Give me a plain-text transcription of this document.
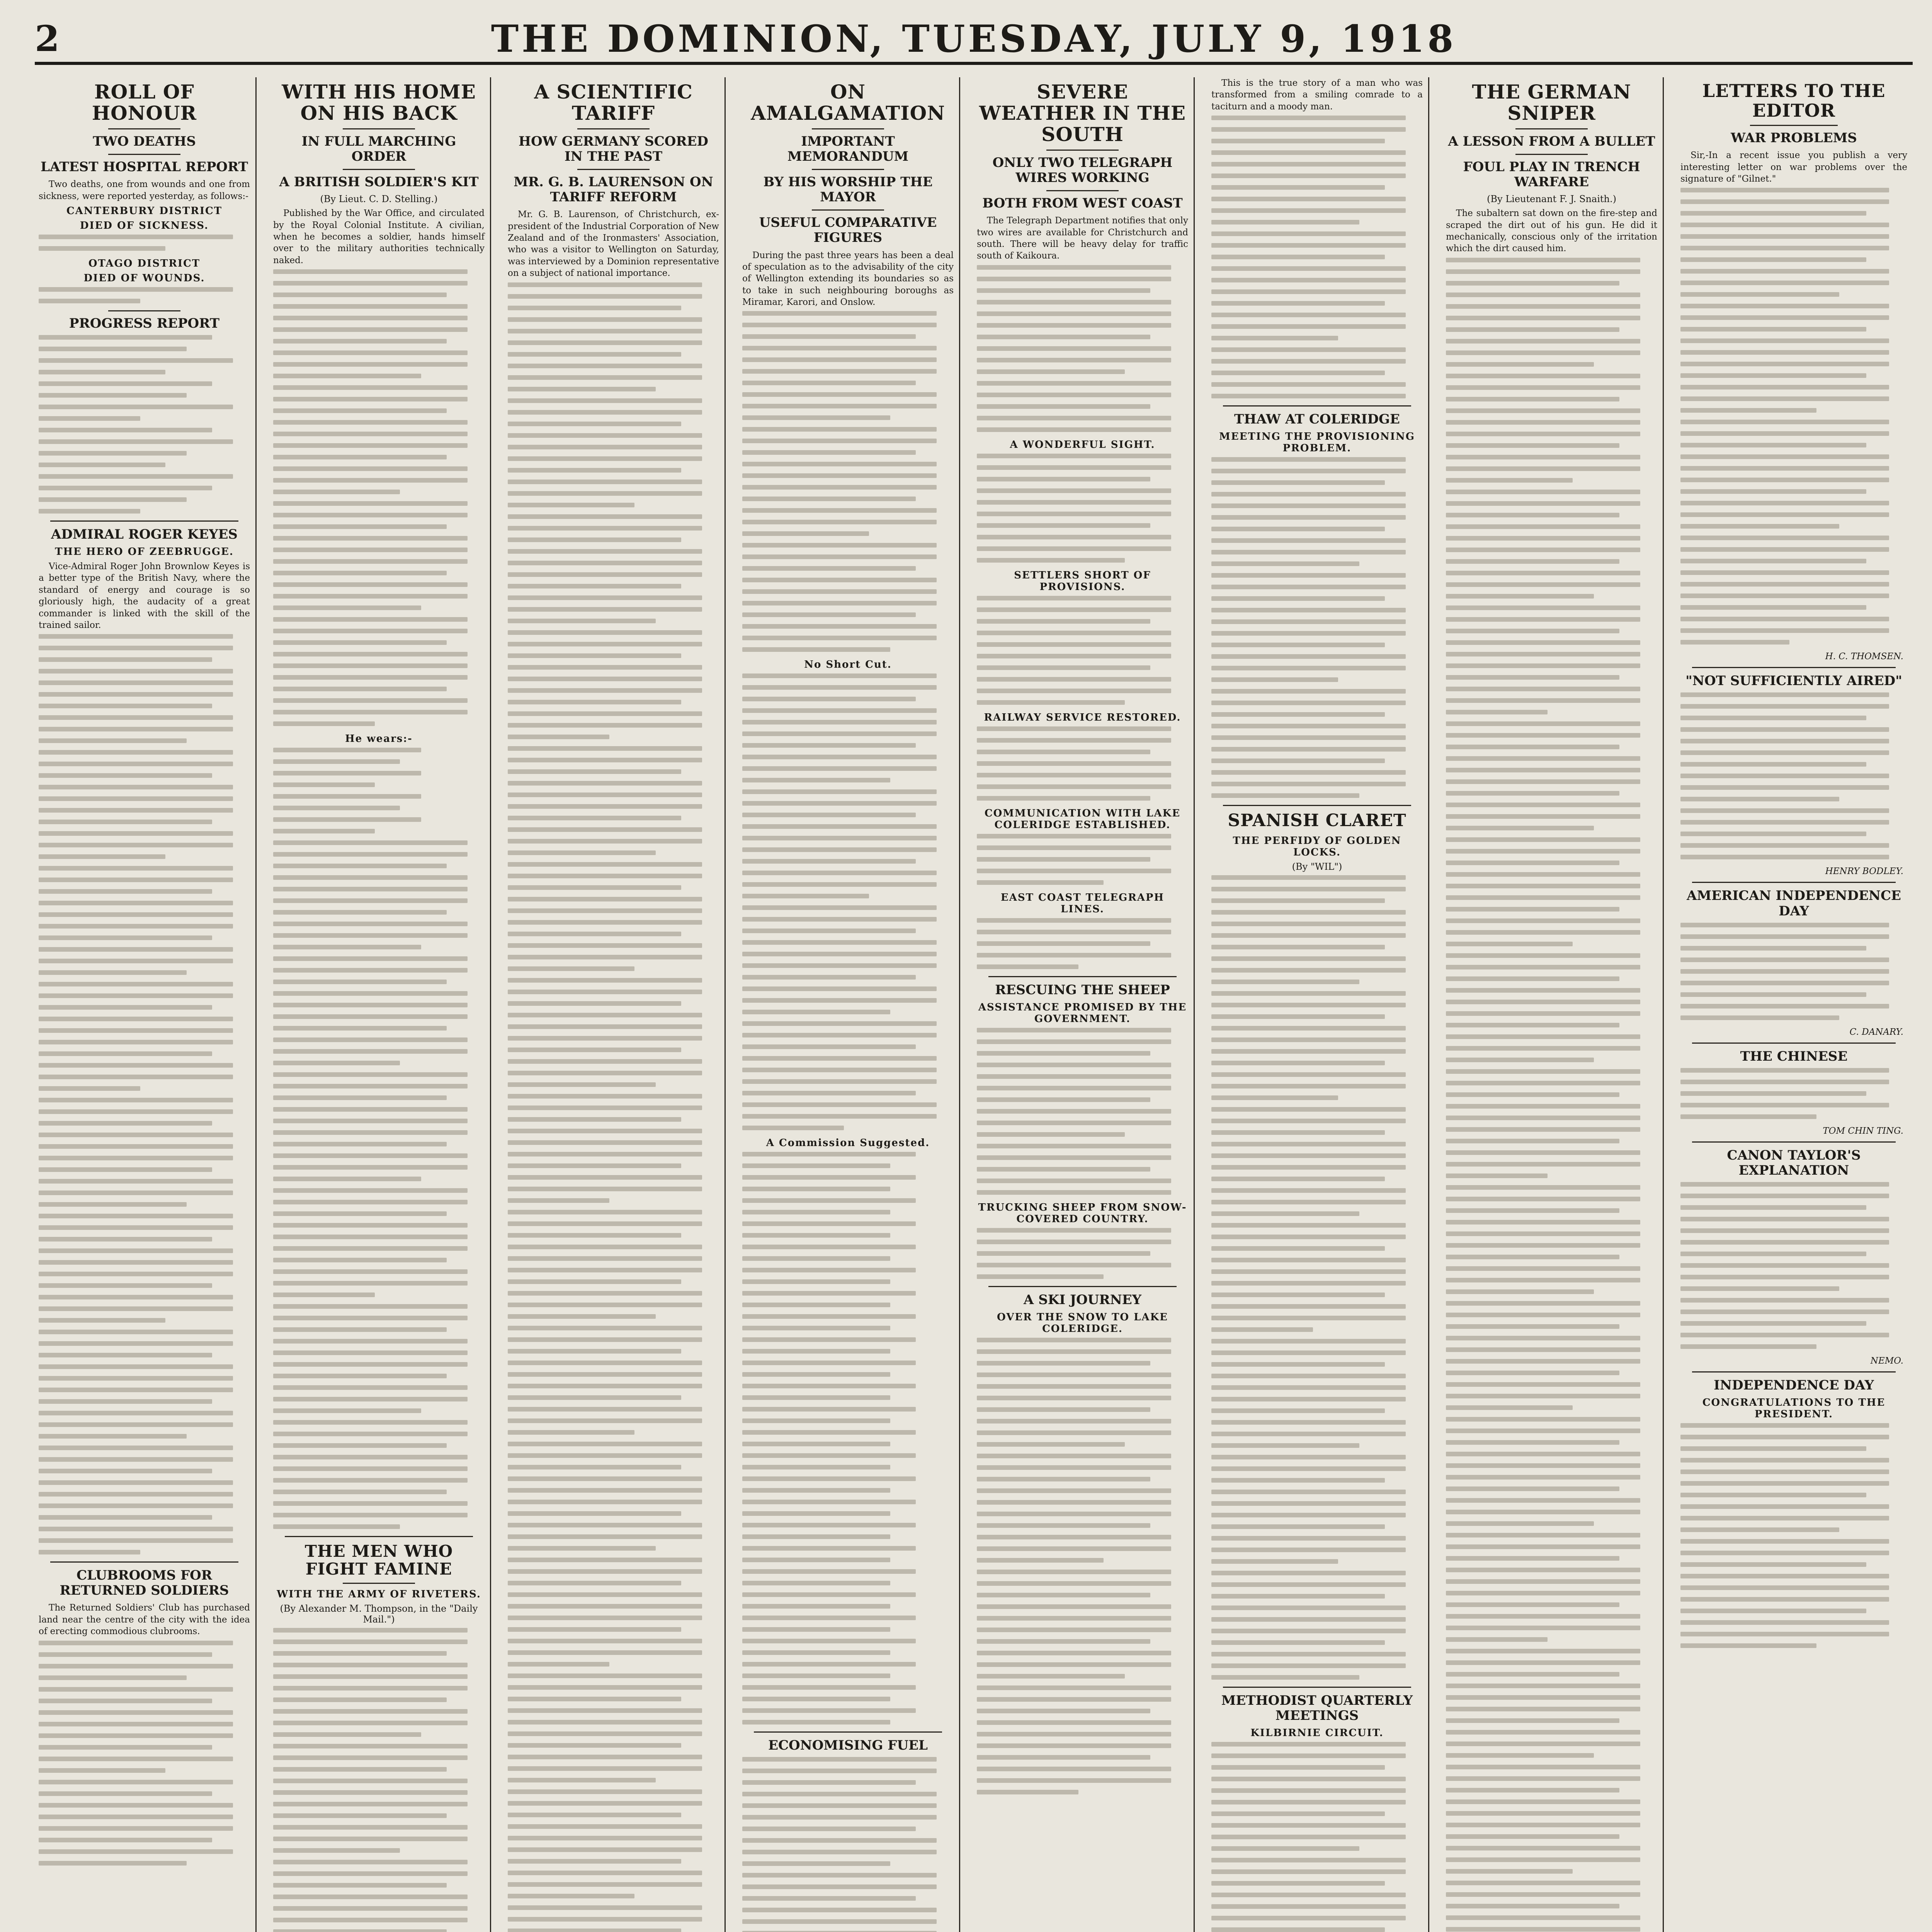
2	THE DOMINION, TUESDAY, JULY 9, 1918
ROLL OF HONOUR
TWO DEATHS
LATEST HOSPITAL REPORT

Two deaths, one from wounds and one from sickness, were reported yesterday, as follows:-

CANTERBURY DISTRICT
DIED OF SICKNESS.
OTAGO DISTRICT
DIED OF WOUNDS.
PROGRESS REPORT
ADMIRAL ROGER KEYES
THE HERO OF ZEEBRUGGE.

Vice-Admiral Roger John Brownlow Keyes is a better type of the British Navy, where the standard of energy and courage is so gloriously high, the audacity of a great commander is linked with the skill of the trained sailor.

CLUBROOMS FOR RETURNED SOLDIERS

The Returned Soldiers' Club has purchased land near the centre of the city with the idea of erecting commodious clubrooms.

WITH HIS HOME ON HIS BACK
IN FULL MARCHING ORDER
A BRITISH SOLDIER'S KIT
(By Lieut. C. D. Stelling.)

Published by the War Office, and circulated by the Royal Colonial Institute. A civilian, when he becomes a soldier, hands himself over to the military authorities technically naked.

He wears:-
THE MEN WHO FIGHT FAMINE
WITH THE ARMY OF RIVETERS.
(By Alexander M. Thompson, in the "Daily Mail.")
A SCIENTIFIC TARIFF
HOW GERMANY SCORED IN THE PAST
MR. G. B. LAURENSON ON TARIFF REFORM

Mr. G. B. Laurenson, of Christchurch, ex-president of the Industrial Corporation of New Zealand and of the Ironmasters' Association, who was a visitor to Wellington on Saturday, was interviewed by a Dominion representative on a subject of national importance.

ON AMALGAMATION
IMPORTANT MEMORANDUM
BY HIS WORSHIP THE MAYOR
USEFUL COMPARATIVE FIGURES

During the past three years has been a deal of speculation as to the advisability of the city of Wellington extending its boundaries so as to take in such neighbouring boroughs as Miramar, Karori, and Onslow.

No Short Cut.
A Commission Suggested.
ECONOMISING FUEL
SEVERE WEATHER IN THE SOUTH
ONLY TWO TELEGRAPH WIRES WORKING
BOTH FROM WEST COAST

The Telegraph Department notifies that only two wires are available for Christchurch and south. There will be heavy delay for traffic south of Kaikoura.

A WONDERFUL SIGHT.
SETTLERS SHORT OF PROVISIONS.
RAILWAY SERVICE RESTORED.
COMMUNICATION WITH LAKE COLERIDGE ESTABLISHED.
EAST COAST TELEGRAPH LINES.
RESCUING THE SHEEP
ASSISTANCE PROMISED BY THE GOVERNMENT.
TRUCKING SHEEP FROM SNOW-COVERED COUNTRY.
A SKI JOURNEY
OVER THE SNOW TO LAKE COLERIDGE.

This is the true story of a man who was transformed from a smiling comrade to a taciturn and a moody man.

THAW AT COLERIDGE
MEETING THE PROVISIONING PROBLEM.
SPANISH CLARET
THE PERFIDY OF GOLDEN LOCKS.
(By "WIL")
METHODIST QUARTERLY MEETINGS
KILBIRNIE CIRCUIT.
THE GERMAN SNIPER
A LESSON FROM A BULLET
FOUL PLAY IN TRENCH WARFARE
(By Lieutenant F. J. Snaith.)

The subaltern sat down on the fire-step and scraped the dirt out of his gun. He did it mechanically, conscious only of the irritation which the dirt caused him.

LETTERS TO THE EDITOR
WAR PROBLEMS

Sir,-In a recent issue you publish a very interesting letter on war problems over the signature of "Gilnet."

H. C. THOMSEN.
"NOT SUFFICIENTLY AIRED"
HENRY BODLEY.
AMERICAN INDEPENDENCE DAY
C. DANARY.
THE CHINESE
TOM CHIN TING.
CANON TAYLOR'S EXPLANATION
NEMO.
INDEPENDENCE DAY
CONGRATULATIONS TO THE PRESIDENT.
